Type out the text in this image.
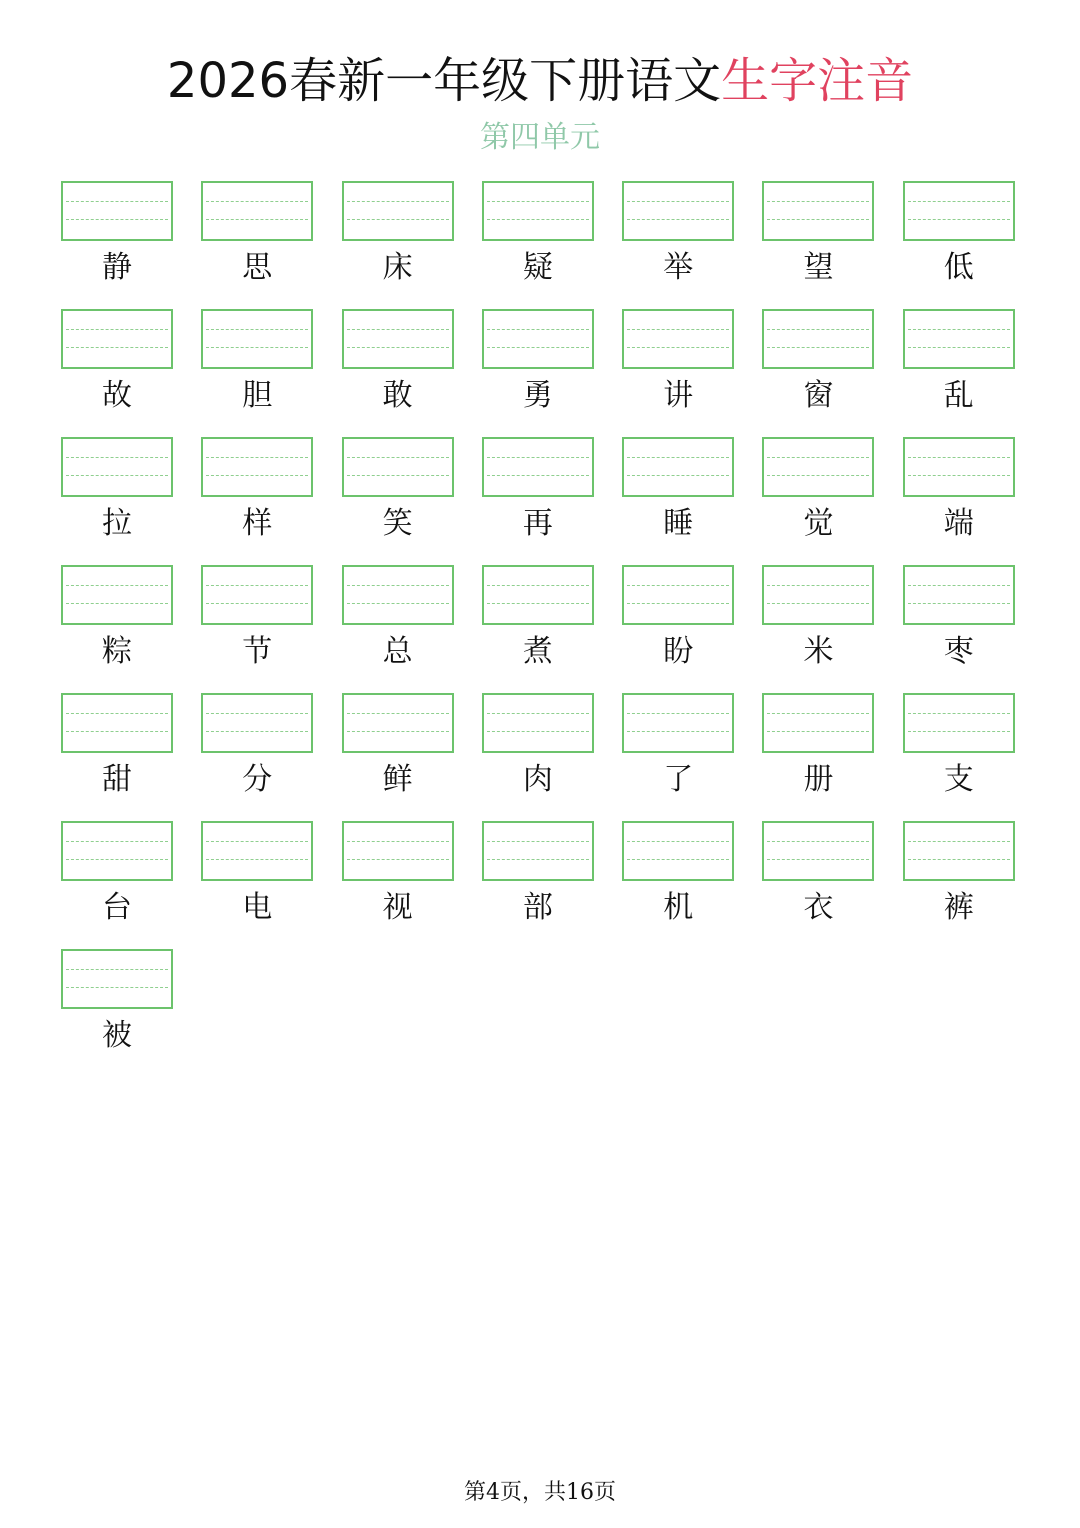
2026春新一年级下册语文生字注音
第四单元
静	思	床	疑	举	望	低
故	胆	敢	勇	讲	窗	乱
拉	样	笑	再	睡	觉	端
粽	节	总	煮	盼	米	枣
甜	分	鲜	肉	了	册	支
台	电	视	部	机	衣	裤
被
第4页，共16页
